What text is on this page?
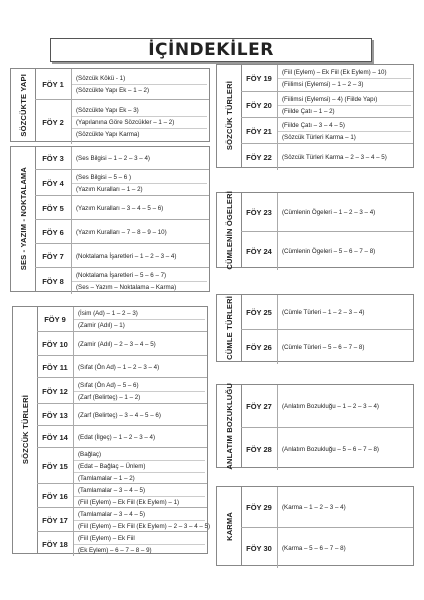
İÇİNDEKİLER
SÖZCÜKTE YAPI	FÖY 1
(Sözcük Kökü - 1)
(Sözcükte Yapı Ek – 1 – 2)
FÖY 2
(Sözcükte Yapı Ek – 3)
(Yapılanına Göre Sözcükler – 1 – 2)
(Sözcükte Yapı Karma)
SES - YAZIM - NOKTALAMA
FÖY 3	(Ses Bilgisi – 1 – 2 – 3 – 4)
FÖY 4
(Ses Bilgisi – 5 – 6 )
(Yazım Kuralları – 1 – 2)
FÖY 5	(Yazım Kuralları – 3 – 4 – 5 – 6)
FÖY 6	(Yazım Kuralları – 7 – 8 – 9 – 10)
FÖY 7	(Noktalama İşaretleri – 1 – 2 – 3 – 4)
FÖY 8
(Noktalama İşaretleri – 5 – 6 – 7)
(Ses – Yazım – Noktalama – Karma)
SÖZCÜK TÜRLERİ
FÖY 9
(İsim (Ad) – 1 – 2 – 3)
(Zamir (Adıl) – 1)
FÖY 10	(Zamir (Adıl) – 2 – 3 – 4 – 5)
FÖY 11	(Sıfat (Ön Ad) – 1 – 2 – 3 – 4)
FÖY 12
(Sıfat (Ön Ad) – 5 – 6)
(Zarf (Belirteç) – 1 – 2)
FÖY 13	(Zarf (Belirteç) – 3 – 4 – 5 – 6)
FÖY 14	(Edat (İlgeç) – 1 – 2 – 3 – 4)
FÖY 15
(Bağlaç)
(Edat – Bağlaç – Ünlem)
(Tamlamalar – 1 – 2)
FÖY 16
(Tamlamalar – 3 – 4 – 5)
(Fiil (Eylem) – Ek Fiil (Ek Eylem) – 1)
FÖY 17
(Tamlamalar – 3 – 4 – 5)
(Fiil (Eylem) – Ek Fiil (Ek Eylem) – 2 – 3 – 4 – 5)
FÖY 18
(Fiil (Eylem) – Ek Fiil
(Ek Eylem) – 6 – 7 – 8 – 9)
SÖZCÜK TÜRLERİ
FÖY 19
(Fiil (Eylem) – Ek Fiil (Ek Eylem) – 10)
(Fiilimsi (Eylemsi) – 1 – 2 – 3)
FÖY 20
(Fiilimsi (Eylemsi) – 4) (Fiilde Yapı)
(Fiilde Çatı – 1 – 2)
FÖY 21
(Fiilde Çatı – 3 – 4 – 5)
(Sözcük Türleri Karma – 1)
FÖY 22	(Sözcük Türleri Karma – 2 – 3 – 4 – 5)
CÜMLENİN ÖGELERİ	FÖY 23	(Cümlenin Ögeleri – 1 – 2 – 3 – 4)
FÖY 24	(Cümlenin Ögeleri – 5 – 6 – 7 – 8)
CÜMLE TÜRLERİ	FÖY 25	(Cümle Türleri – 1 – 2 – 3 – 4)
FÖY 26	(Cümle Türleri – 5 – 6 – 7 – 8)
ANLATIM BOZUKLUĞU	FÖY 27	(Anlatım Bozukluğu – 1 – 2 – 3 – 4)
FÖY 28	(Anlatım Bozukluğu – 5 – 6 – 7 – 8)
KARMA
FÖY 29	(Karma – 1 – 2 – 3 – 4)
FÖY 30	(Karma – 5 – 6 – 7 – 8)
